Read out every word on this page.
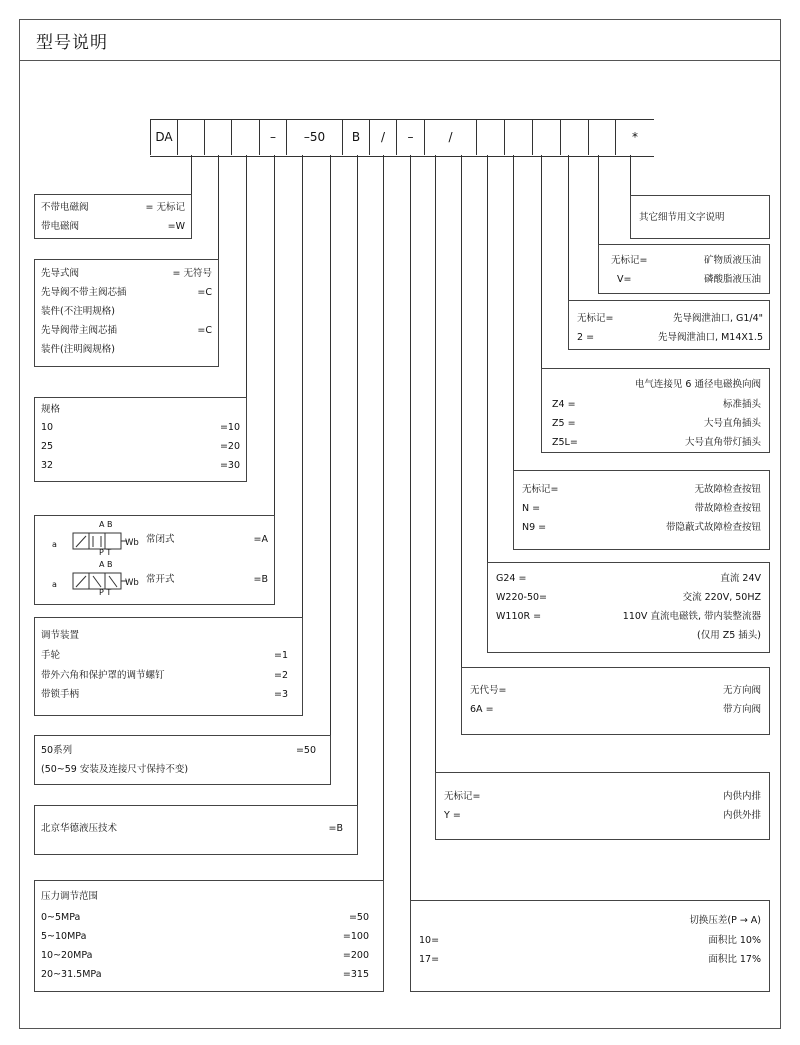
型号说明
DA	–	–50	B	/	–	/	*
不带电磁阀	= 无标记
带电磁阀	=W
先导式阀	= 无符号
先导阀不带主阀芯插	=C
装件(不注明规格)
先导阀带主阀芯插	=C
装件(注明阀规格)
规格
10	=10
25	=20
32	=30
A B
P T
a	Wb 常闭式	=A
A B
P T
a	Wb 常开式	=B
调节装置
手轮	=1
带外六角和保护罩的调节螺钉	=2
带锁手柄	=3
50系列	=50
(50~59 安装及连接尺寸保持不变)
北京华德液压技术	=B
压力调节范围
0~5MPa	=50
5~10MPa	=100
10~20MPa	=200
20~31.5MPa	=315
其它细节用文字说明
无标记=	矿物质液压油
V=	磷酸脂液压油
无标记=	先导阀泄油口, G1/4"
2 =	先导阀泄油口, M14X1.5
电气连接见 6 通径电磁换向阀
Z4 =	标准插头
Z5 =	大号直角插头
Z5L=	大号直角带灯插头
无标记=	无故障检查按钮
N =	带故障检查按钮
N9 =	带隐蔽式故障检查按钮
G24 =	直流 24V
W220-50=	交流 220V, 50HZ
W110R =	110V 直流电磁铁, 带内装整流器
(仅用 Z5 插头)
无代号=	无方向阀
6A =	带方向阀
无标记=	内供内排
Y =	内供外排
切换压差(P → A)
10=	面积比 10%
17=	面积比 17%
